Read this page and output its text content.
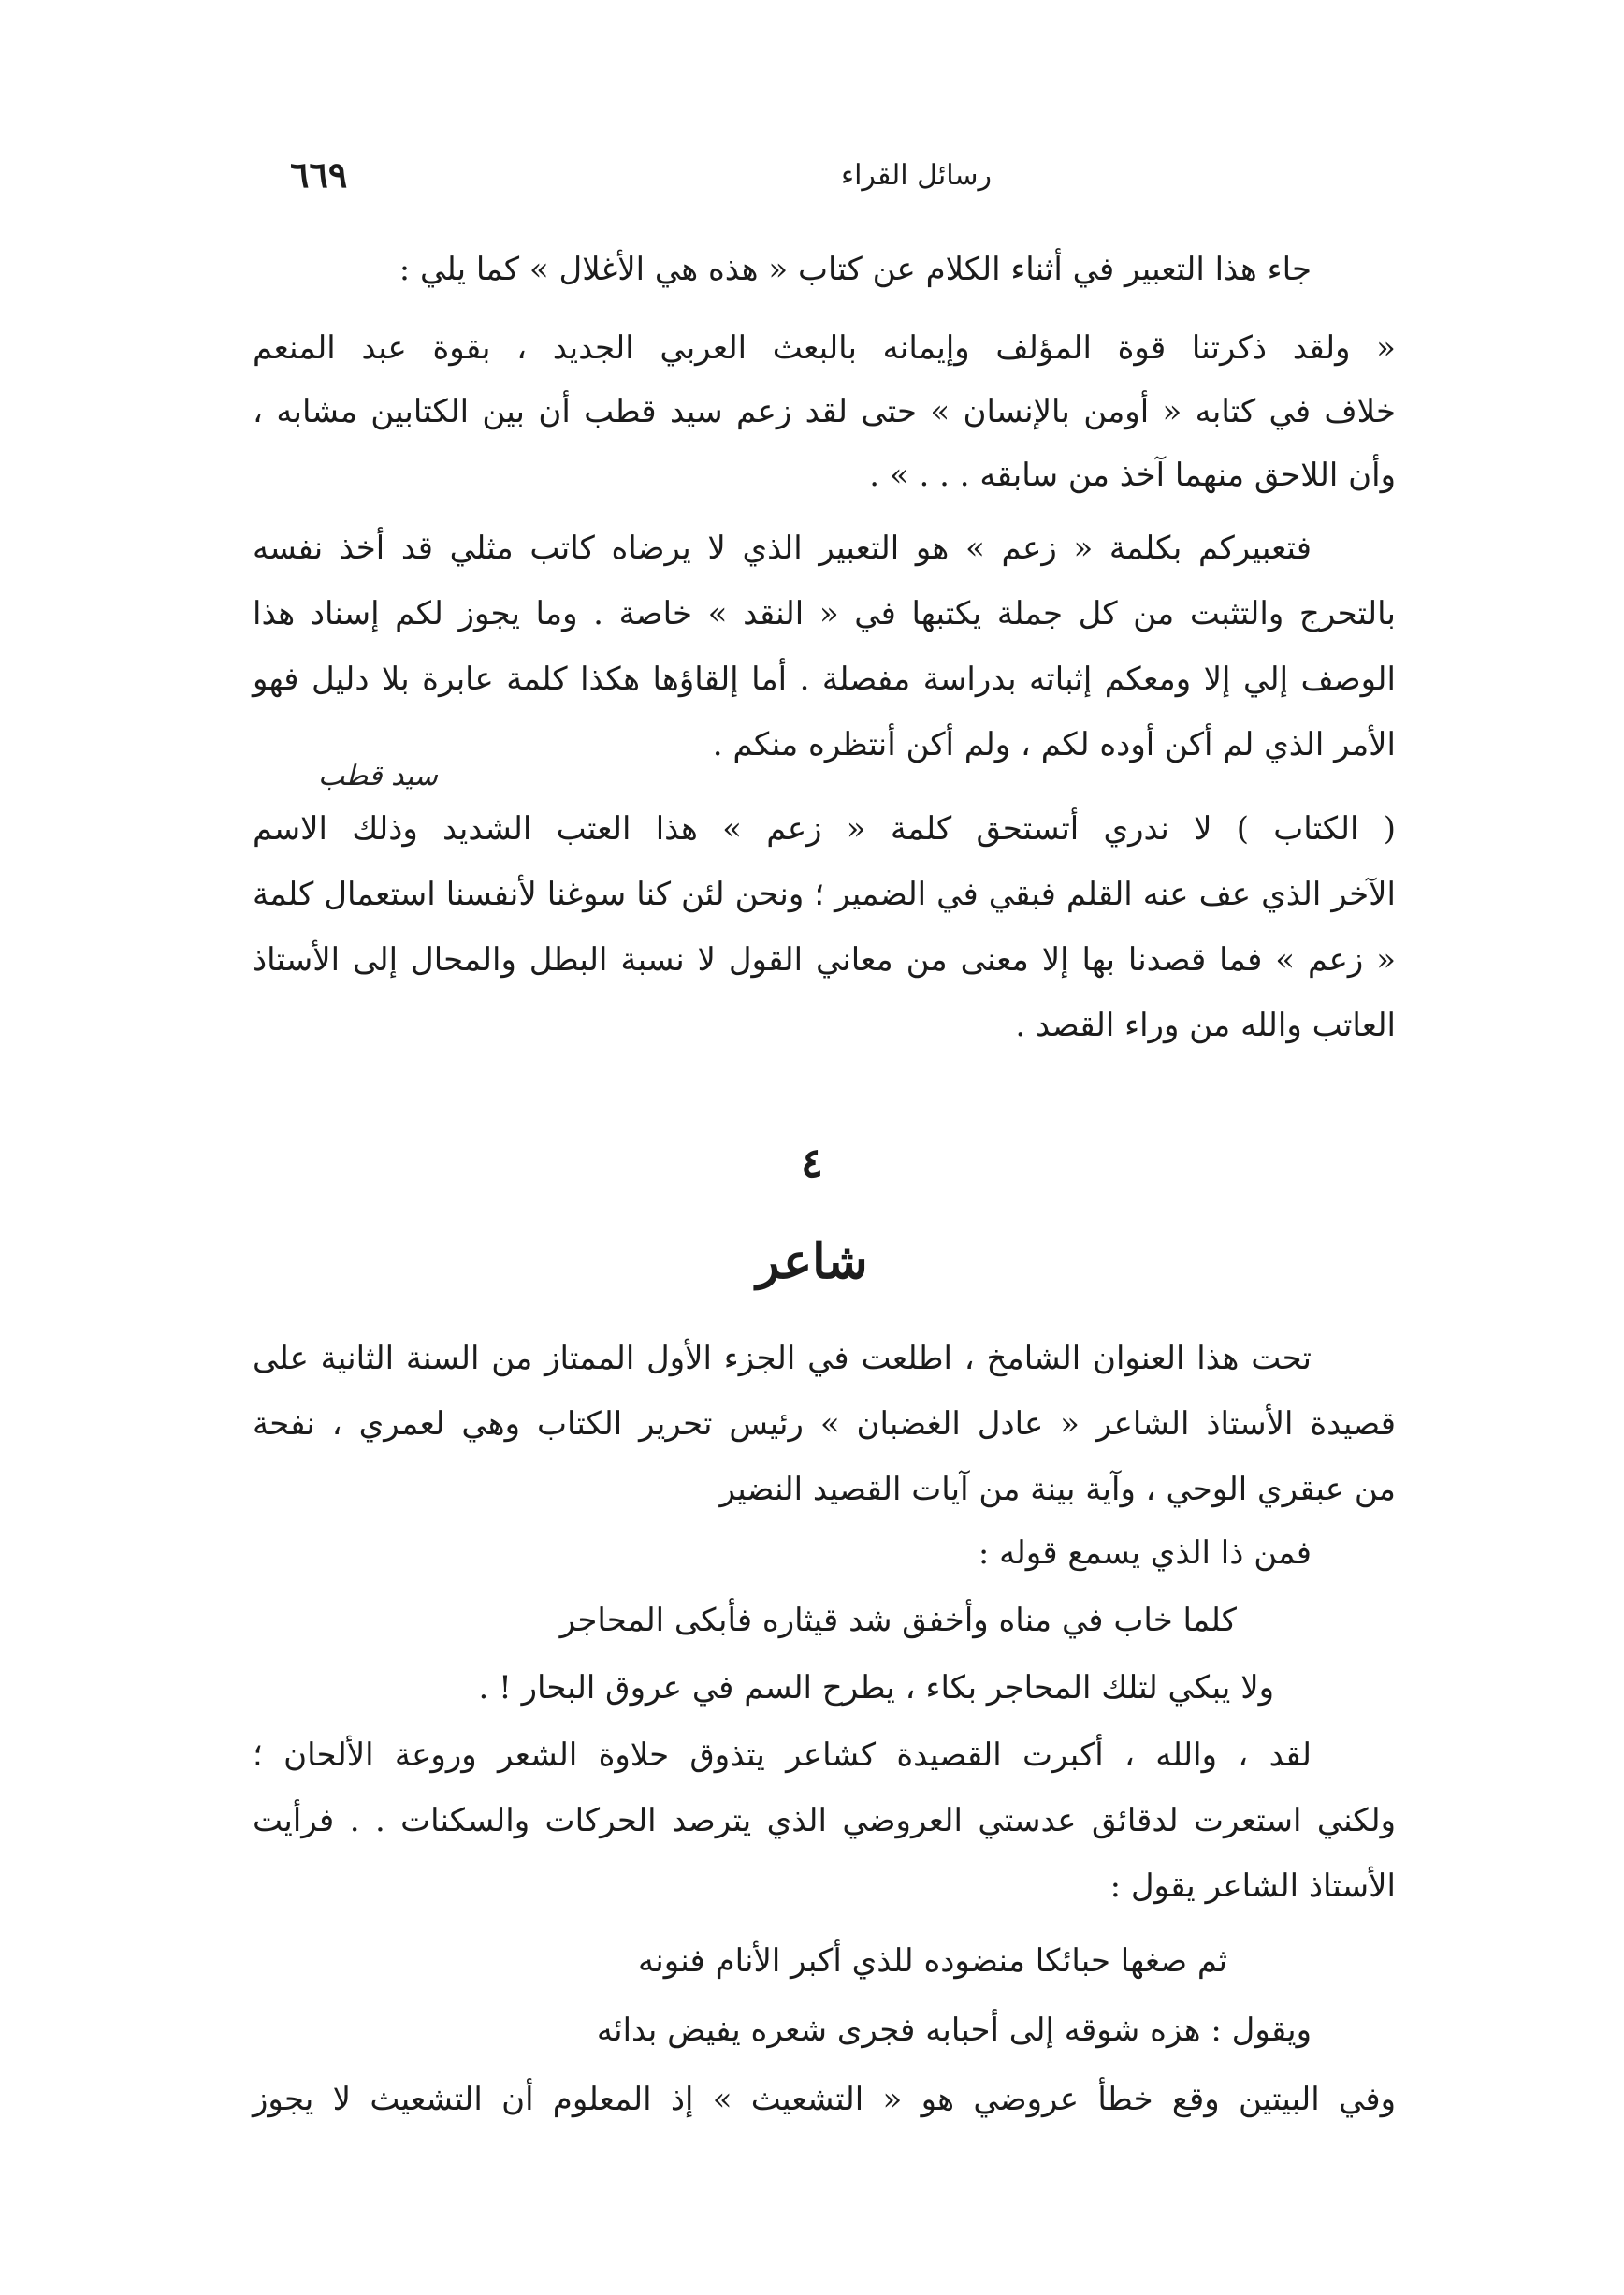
رسائل القراء
٦٦٩
جاء هذا التعبير في أثناء الكلام عن كتاب « هذه هي الأغلال » كما يلي :
« ولقد ذكرتنا قوة المؤلف وإيمانه بالبعث العربي الجديد ، بقوة عبد المنعم
خلاف في كتابه « أومن بالإنسان » حتى لقد زعم سيد قطب أن بين الكتابين مشابه ،
وأن اللاحق منهما آخذ من سابقه . . . » .
فتعبيركم بكلمة « زعم » هو التعبير الذي لا يرضاه كاتب مثلي قد أخذ نفسه
بالتحرج والتثبت من كل جملة يكتبها في « النقد » خاصة . وما يجوز لكم إسناد هذا
الوصف إلي إلا ومعكم إثباته بدراسة مفصلة . أما إلقاؤها هكذا كلمة عابرة بلا دليل فهو
الأمر الذي لم أكن أوده لكم ، ولم أكن أنتظره منكم .
سيد قطب
( الكتاب ) لا ندري أتستحق كلمة « زعم » هذا العتب الشديد وذلك الاسم
الآخر الذي عف عنه القلم فبقي في الضمير ؛ ونحن لئن كنا سوغنا لأنفسنا استعمال كلمة
« زعم » فما قصدنا بها إلا معنى من معاني القول لا نسبة البطل والمحال إلى الأستاذ
العاتب والله من وراء القصد .
٤
شاعر
تحت هذا العنوان الشامخ ، اطلعت في الجزء الأول الممتاز من السنة الثانية على
قصيدة الأستاذ الشاعر « عادل الغضبان » رئيس تحرير الكتاب وهي لعمري ، نفحة
من عبقري الوحي ، وآية بينة من آيات القصيد النضير
فمن ذا الذي يسمع قوله :
كلما خاب في مناه وأخفق شد قيثاره فأبكى المحاجر
ولا يبكي لتلك المحاجر بكاء ، يطرح السم في عروق البحار ! .
لقد ، والله ، أكبرت القصيدة كشاعر يتذوق حلاوة الشعر وروعة الألحان ؛
ولكني استعرت لدقائق عدستي العروضي الذي يترصد الحركات والسكنات . . فرأيت
الأستاذ الشاعر يقول :
ثم صغها حبائكا منضوده للذي أكبر الأنام فنونه
ويقول : هزه شوقه إلى أحبابه فجرى شعره يفيض بدائه
وفي البيتين وقع خطأ عروضي هو « التشعيث » إذ المعلوم أن التشعيث لا يجوز
